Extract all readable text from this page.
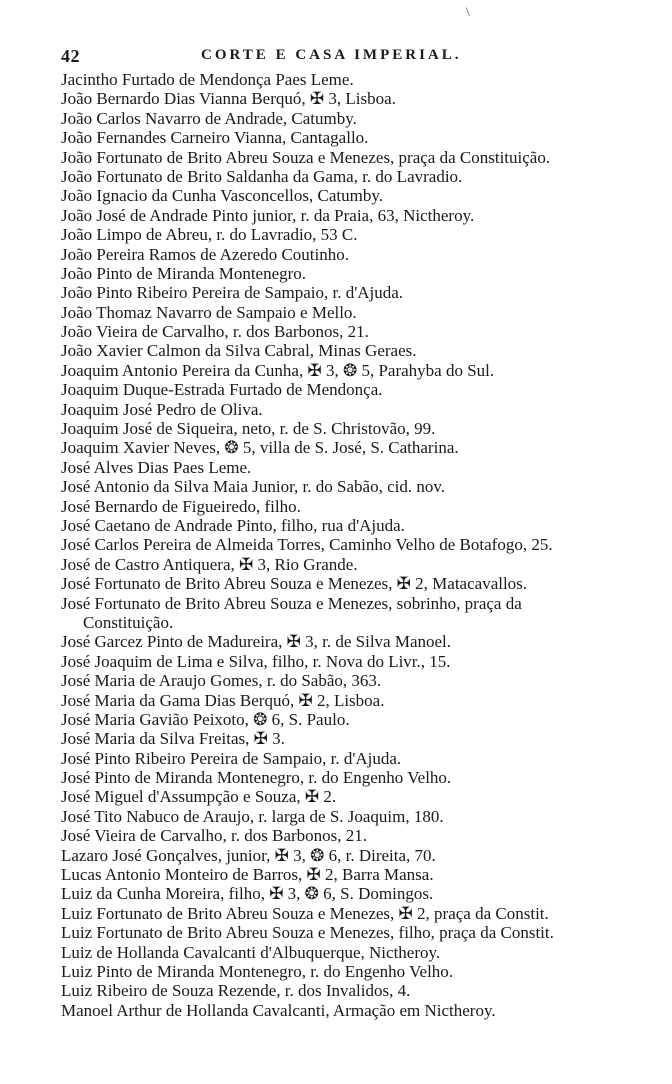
\
42	CORTE E CASA IMPERIAL.
Jacintho Furtado de Mendonça Paes Leme.
João Bernardo Dias Vianna Berquó, ✠ 3, Lisboa.
João Carlos Navarro de Andrade, Catumby.
João Fernandes Carneiro Vianna, Cantagallo.
João Fortunato de Brito Abreu Souza e Menezes, praça da Constituição.
João Fortunato de Brito Saldanha da Gama, r. do Lavradio.
João Ignacio da Cunha Vasconcellos, Catumby.
João José de Andrade Pinto junior, r. da Praia, 63, Nictheroy.
João Limpo de Abreu, r. do Lavradio, 53 C.
João Pereira Ramos de Azeredo Coutinho.
João Pinto de Miranda Montenegro.
João Pinto Ribeiro Pereira de Sampaio, r. d'Ajuda.
João Thomaz Navarro de Sampaio e Mello.
João Vieira de Carvalho, r. dos Barbonos, 21.
João Xavier Calmon da Silva Cabral, Minas Geraes.
Joaquim Antonio Pereira da Cunha, ✠ 3, ❂ 5, Parahyba do Sul.
Joaquim Duque-Estrada Furtado de Mendonça.
Joaquim José Pedro de Oliva.
Joaquim José de Siqueira, neto, r. de S. Christovão, 99.
Joaquim Xavier Neves, ❂ 5, villa de S. José, S. Catharina.
José Alves Dias Paes Leme.
José Antonio da Silva Maia Junior, r. do Sabão, cid. nov.
José Bernardo de Figueiredo, filho.
José Caetano de Andrade Pinto, filho, rua d'Ajuda.
José Carlos Pereira de Almeida Torres, Caminho Velho de Botafogo, 25.
José de Castro Antiquera, ✠ 3, Rio Grande.
José Fortunato de Brito Abreu Souza e Menezes, ✠ 2, Matacavallos.
José Fortunato de Brito Abreu Souza e Menezes, sobrinho, praça da
Constituição.
José Garcez Pinto de Madureira, ✠ 3, r. de Silva Manoel.
José Joaquim de Lima e Silva, filho, r. Nova do Livr., 15.
José Maria de Araujo Gomes, r. do Sabão, 363.
José Maria da Gama Dias Berquó, ✠ 2, Lisboa.
José Maria Gavião Peixoto, ❂ 6, S. Paulo.
José Maria da Silva Freitas, ✠ 3.
José Pinto Ribeiro Pereira de Sampaio, r. d'Ajuda.
José Pinto de Miranda Montenegro, r. do Engenho Velho.
José Miguel d'Assumpção e Souza, ✠ 2.
José Tito Nabuco de Araujo, r. larga de S. Joaquim, 180.
José Vieira de Carvalho, r. dos Barbonos, 21.
Lazaro José Gonçalves, junior, ✠ 3, ❂ 6, r. Direita, 70.
Lucas Antonio Monteiro de Barros, ✠ 2, Barra Mansa.
Luiz da Cunha Moreira, filho, ✠ 3, ❂ 6, S. Domingos.
Luiz Fortunato de Brito Abreu Souza e Menezes, ✠ 2, praça da Constit.
Luiz Fortunato de Brito Abreu Souza e Menezes, filho, praça da Constit.
Luiz de Hollanda Cavalcanti d'Albuquerque, Nictheroy.
Luiz Pinto de Miranda Montenegro, r. do Engenho Velho.
Luiz Ribeiro de Souza Rezende, r. dos Invalidos, 4.
Manoel Arthur de Hollanda Cavalcanti, Armação em Nictheroy.
